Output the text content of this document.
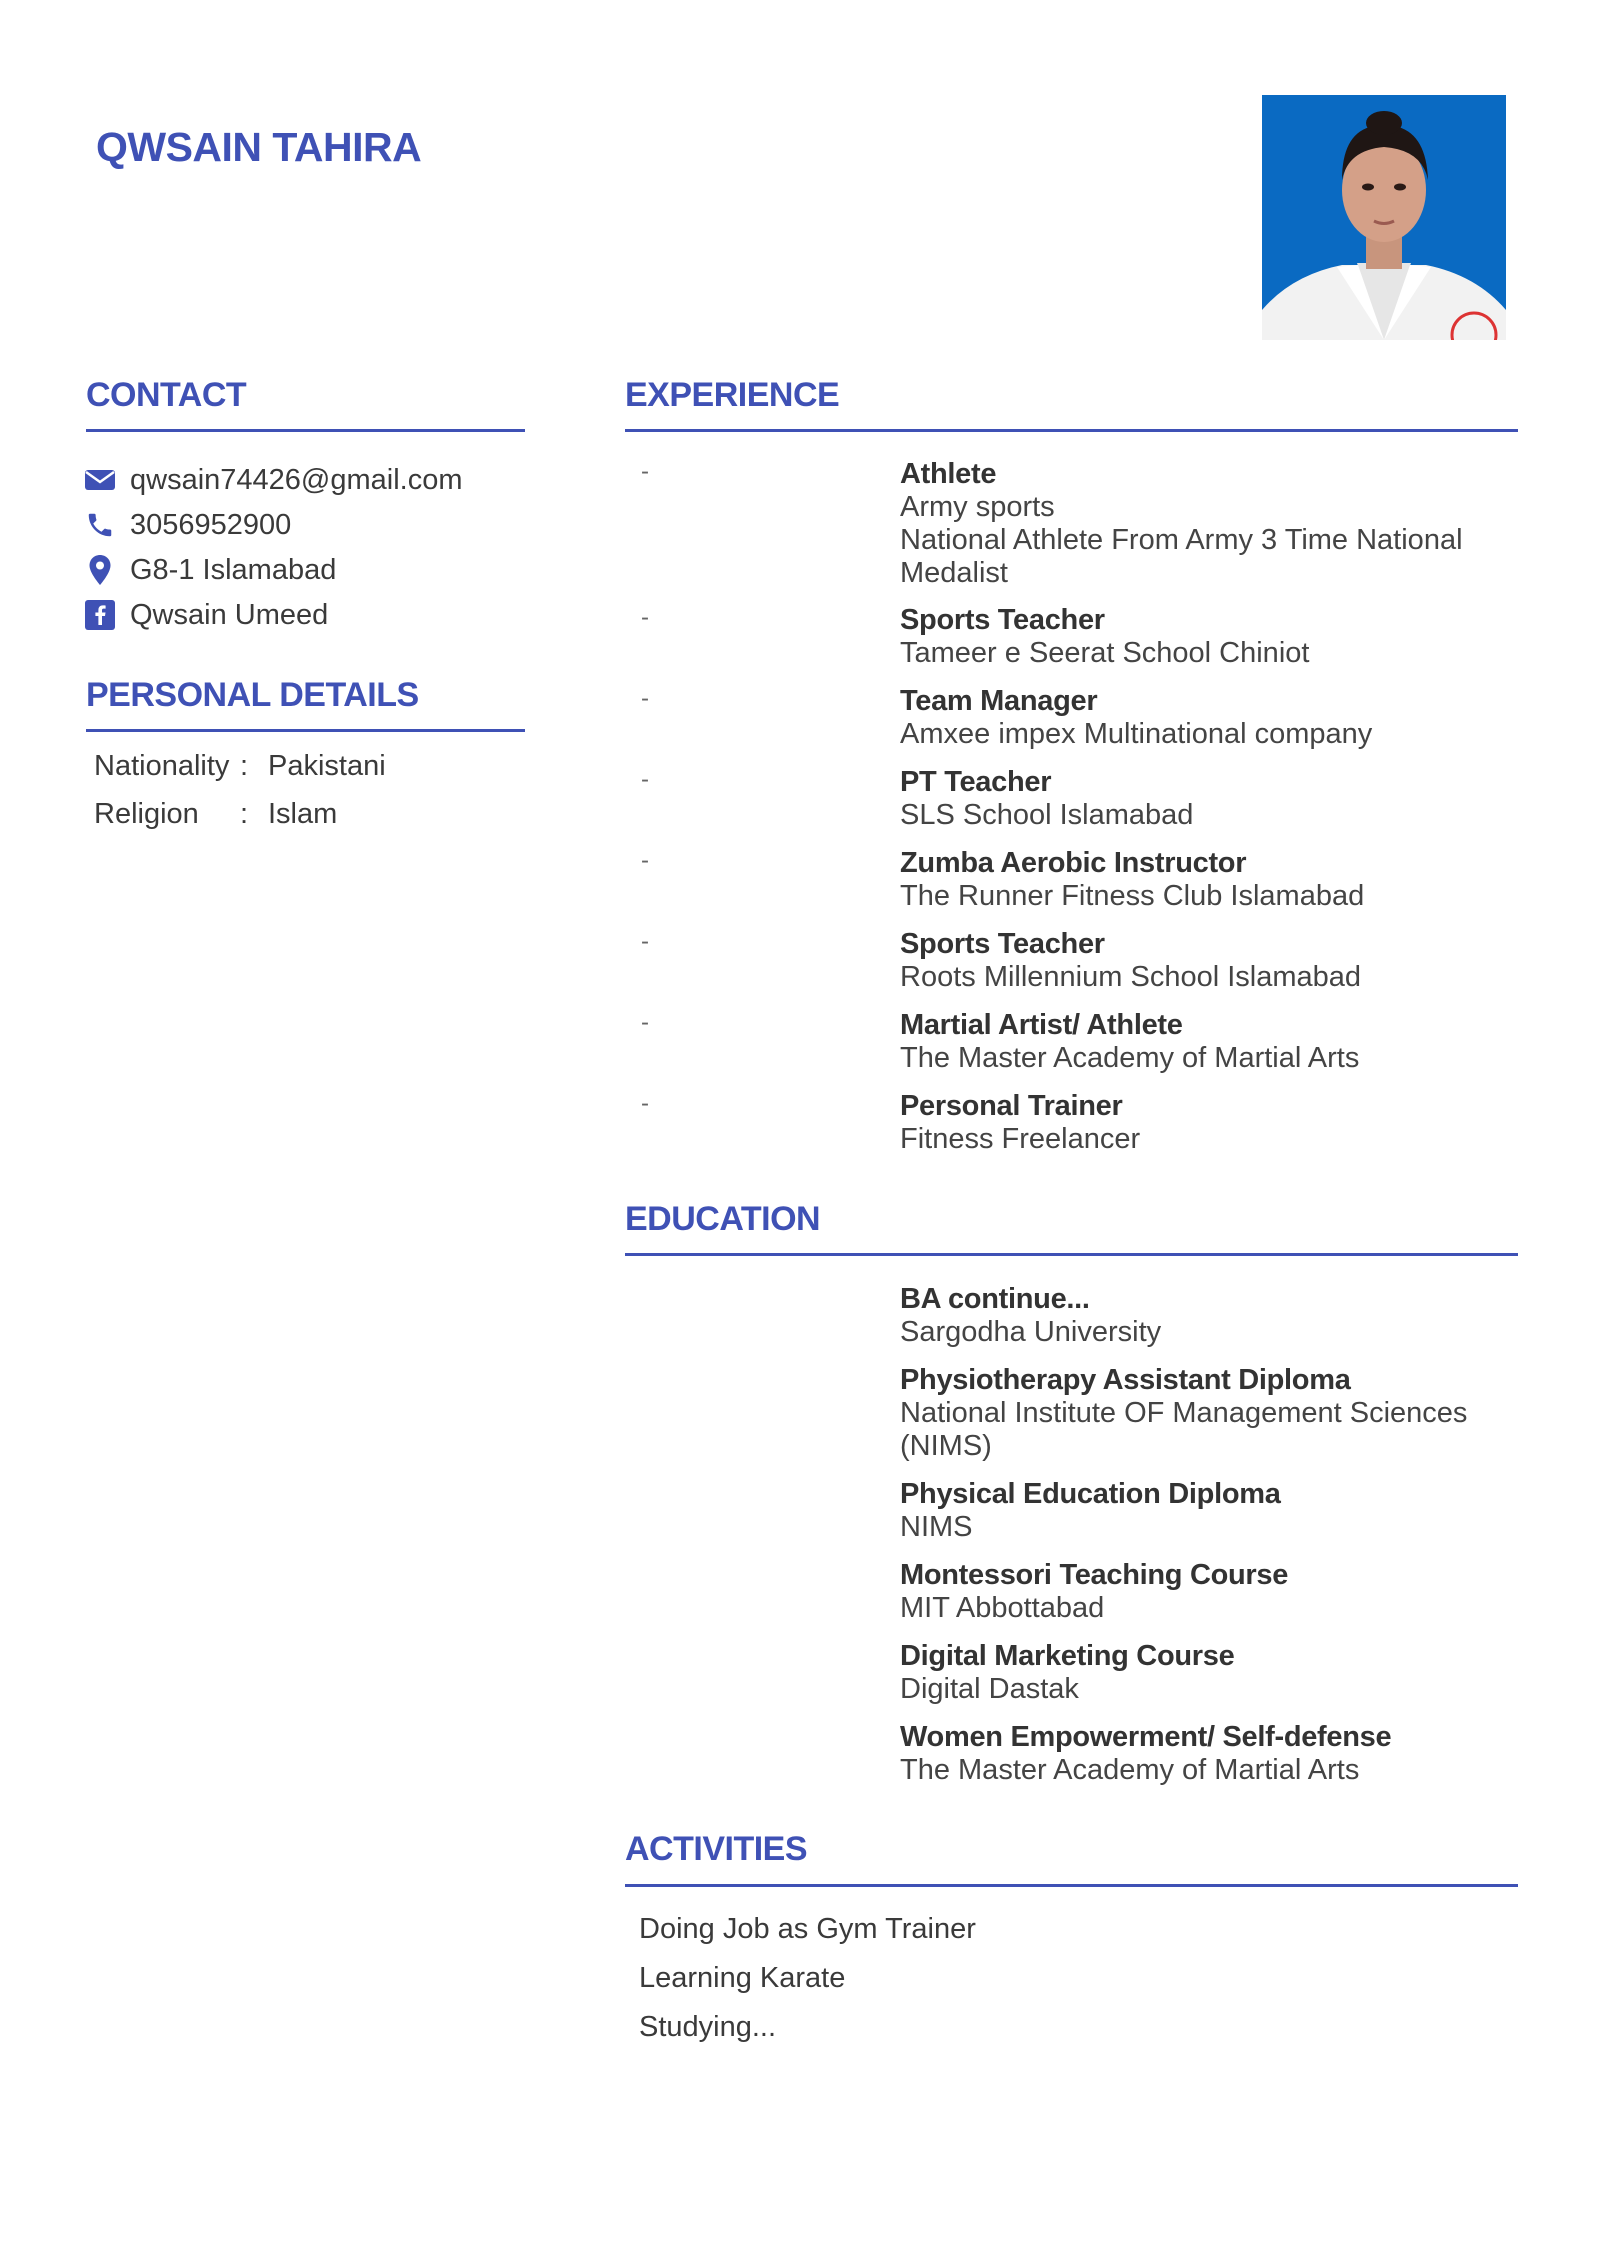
QWSAIN TAHIRA
CONTACT
qwsain74426@gmail.com
3056952900
G8-1 Islamabad
Qwsain Umeed
PERSONAL DETAILS
Nationality : Pakistani
Religion	: Islam
EXPERIENCE
-	Athlete
Army sports
National Athlete From Army 3 Time National Medalist
-	Sports Teacher
Tameer e Seerat School Chiniot
-	Team Manager
Amxee impex Multinational company
-	PT Teacher
SLS School Islamabad
-	Zumba Aerobic Instructor
The Runner Fitness Club Islamabad
-	Sports Teacher
Roots Millennium School Islamabad
-	Martial Artist/ Athlete
The Master Academy of Martial Arts
-	Personal Trainer
Fitness Freelancer
EDUCATION
BA continue...
Sargodha University
Physiotherapy Assistant Diploma
National Institute OF Management Sciences (NIMS)
Physical Education Diploma
NIMS
Montessori Teaching Course
MIT Abbottabad
Digital Marketing Course
Digital Dastak
Women Empowerment/ Self-defense
The Master Academy of Martial Arts
ACTIVITIES
Doing Job as Gym Trainer
Learning Karate
Studying...
